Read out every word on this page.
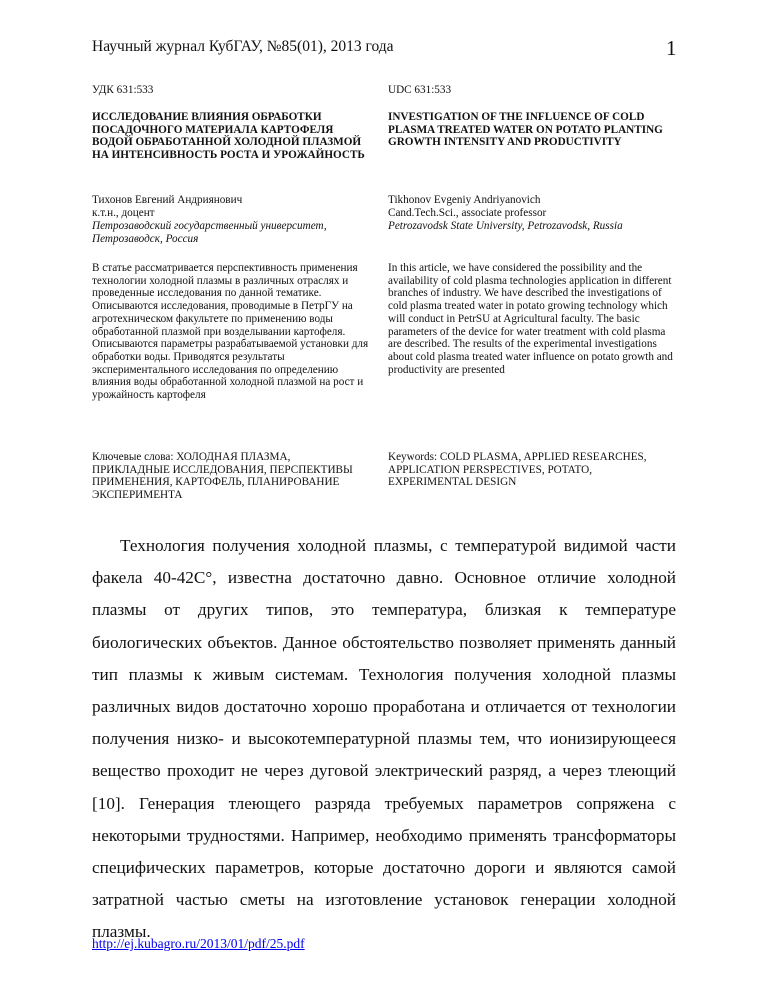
Научный журнал КубГАУ, №85(01), 2013 года	1
УДК 631:533
ИССЛЕДОВАНИЕ ВЛИЯНИЯ ОБРАБОТКИ ПОСАДОЧНОГО МАТЕРИАЛА КАРТОФЕЛЯ ВОДОЙ ОБРАБОТАННОЙ ХОЛОДНОЙ ПЛАЗМОЙ НА ИНТЕНСИВНОСТЬ РОСТА И УРОЖАЙНОСТЬ
Тихонов Евгений Андриянович
к.т.н., доцент
Петрозаводский государственный университет,
Петрозаводск, Россия
В статье рассматривается перспективность применения технологии холодной плазмы в различных отраслях и проведенные исследования по данной тематике. Описываются исследования, проводимые в ПетрГУ на агротехническом факультете по применению воды обработанной плазмой при возделывании картофеля. Описываются параметры разрабатываемой установки для обработки воды. Приводятся результаты экспериментального исследования по определению влияния воды обработанной холодной плазмой на рост и урожайность картофеля
Ключевые слова: ХОЛОДНАЯ ПЛАЗМА, ПРИКЛАДНЫЕ ИССЛЕДОВАНИЯ, ПЕРСПЕКТИВЫ ПРИМЕНЕНИЯ, КАРТОФЕЛЬ, ПЛАНИРОВАНИЕ ЭКСПЕРИМЕНТА
UDC 631:533
INVESTIGATION OF THE INFLUENCE OF COLD PLASMA TREATED WATER ON POTATO PLANTING GROWTH INTENSITY AND PRODUCTIVITY
Tikhonov Evgeniy Andriyanovich
Cand.Tech.Sci., associate professor
Petrozavodsk State University, Petrozavodsk, Russia
In this article, we have considered the possibility and the availability of cold plasma technologies application in different branches of industry. We have described the investigations of cold plasma treated water in potato growing technology which will conduct in PetrSU at Agricultural faculty. The basic parameters of the device for water treatment with cold plasma are described. The results of the experimental investigations about cold plasma treated water influence on potato growth and productivity are presented
Keywords: COLD PLASMA, APPLIED RESEARCHES, APPLICATION PERSPECTIVES, POTATO, EXPERIMENTAL DESIGN
Технология получения холодной плазмы, с температурой видимой части факела 40-42С°, известна достаточно давно. Основное отличие холодной плазмы от других типов, это температура, близкая к температуре биологических объектов. Данное обстоятельство позволяет применять данный тип плазмы к живым системам. Технология получения холодной плазмы различных видов достаточно хорошо проработана и отличается от технологии получения низко- и высокотемпературной плазмы тем, что ионизирующееся вещество проходит не через дуговой электрический разряд, а через тлеющий [10]. Генерация тлеющего разряда требуемых параметров сопряжена с некоторыми трудностями. Например, необходимо применять трансформаторы специфических параметров, которые достаточно дороги и являются самой затратной частью сметы на изготовление установок генерации холодной плазмы.
http://ej.kubagro.ru/2013/01/pdf/25.pdf
